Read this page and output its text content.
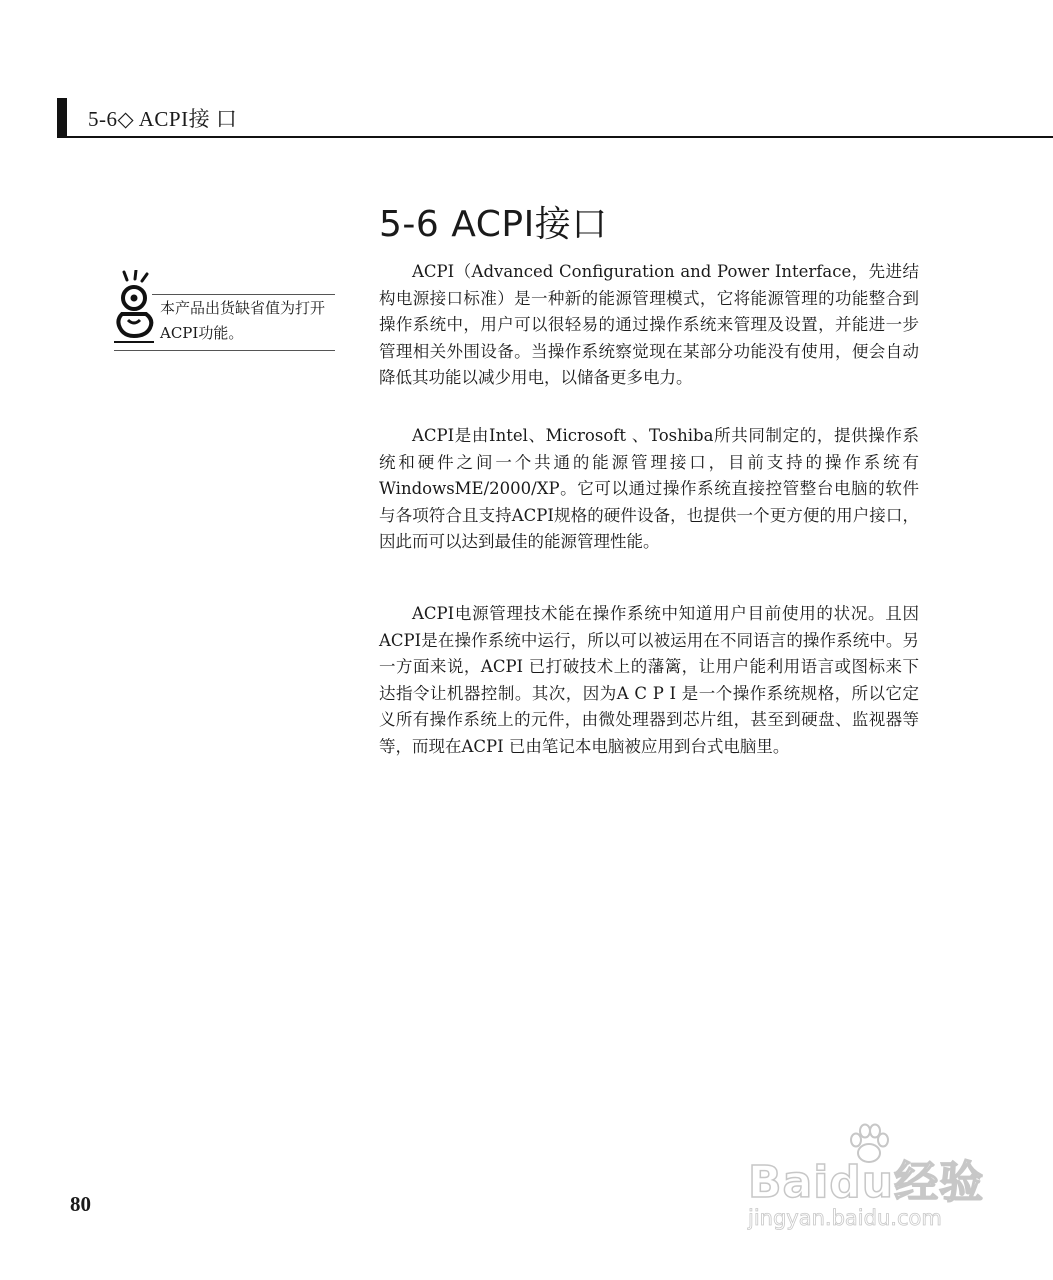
5-6◇ ACPI接 口
5-6 ACPI接口
本产品出货缺省值为打开ACPI功能。

ACPI（Advanced Configuration and Power Interface，先进结构电源接口标准）是一种新的能源管理模式，它将能源管理的功能整合到操作系统中，用户可以很轻易的通过操作系统来管理及设置，并能进一步管理相关外围设备。当操作系统察觉现在某部分功能没有使用，便会自动降低其功能以减少用电，以储备更多电力。

ACPI是由Intel、Microsoft 、Toshiba所共同制定的，提供操作系统和硬件之间一个共通的能源管理接口，目前支持的操作系统有WindowsME/2000/XP。它可以通过操作系统直接控管整台电脑的软件与各项符合且支持ACPI规格的硬件设备，也提供一个更方便的用户接口，因此而可以达到最佳的能源管理性能。

ACPI电源管理技术能在操作系统中知道用户目前使用的状况。且因ACPI是在操作系统中运行，所以可以被运用在不同语言的操作系统中。另一方面来说，ACPI 已打破技术上的藩篱，让用户能利用语言或图标来下达指令让机器控制。其次，因为A C P I 是一个操作系统规格，所以它定义所有操作系统上的元件，由微处理器到芯片组，甚至到硬盘、监视器等等，而现在ACPI 已由笔记本电脑被应用到台式电脑里。

80	Baidu经验
jingyan.baidu.com
